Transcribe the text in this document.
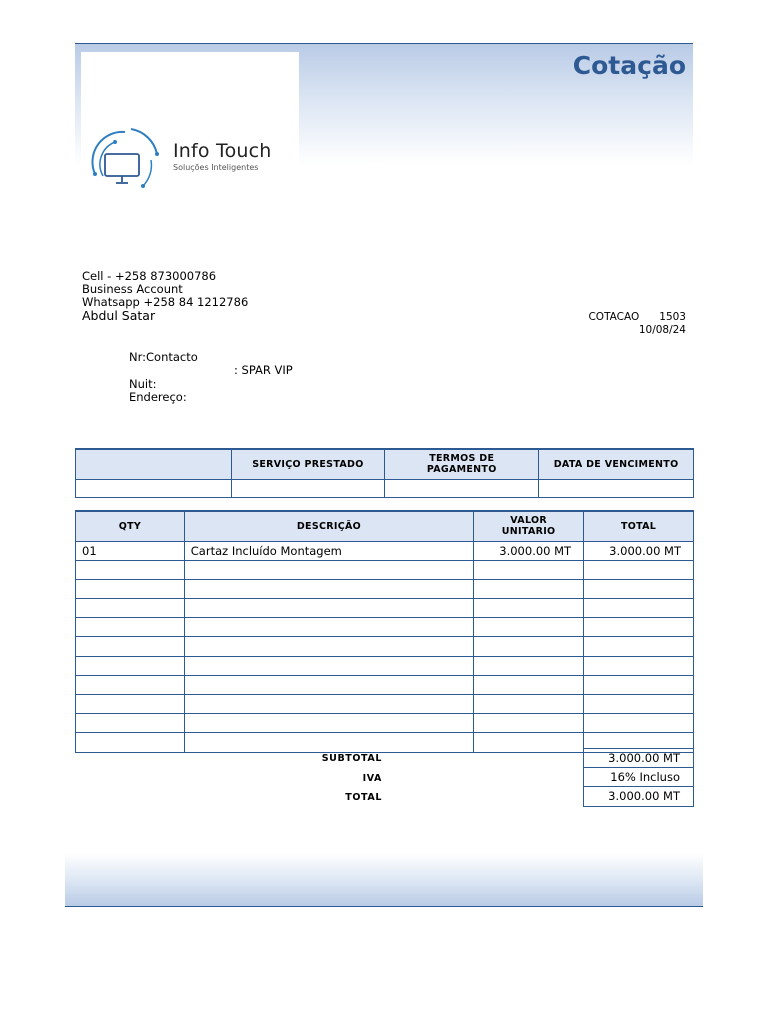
Info Touch
Soluções Inteligentes
Cotação
Cell - +258 873000786
Business Account
Whatsapp +258 84 1212786
Abdul Satar	COTACAO 1503
10/08/24
Nr:Contacto
: SPAR VIP
Nuit:
Endereço:
	SERVIÇO PRESTADO	TERMOS DE PAGAMENTO	DATA DE VENCIMENTO

QTY	DESCRIÇÃO	VALOR UNITARIO	TOTAL
01	Cartaz Incluído Montagem	3.000.00 MT	3.000.00 MT

SUBTOTAL	3.000.00 MT
IVA	16% Incluso
TOTAL	3.000.00 MT
